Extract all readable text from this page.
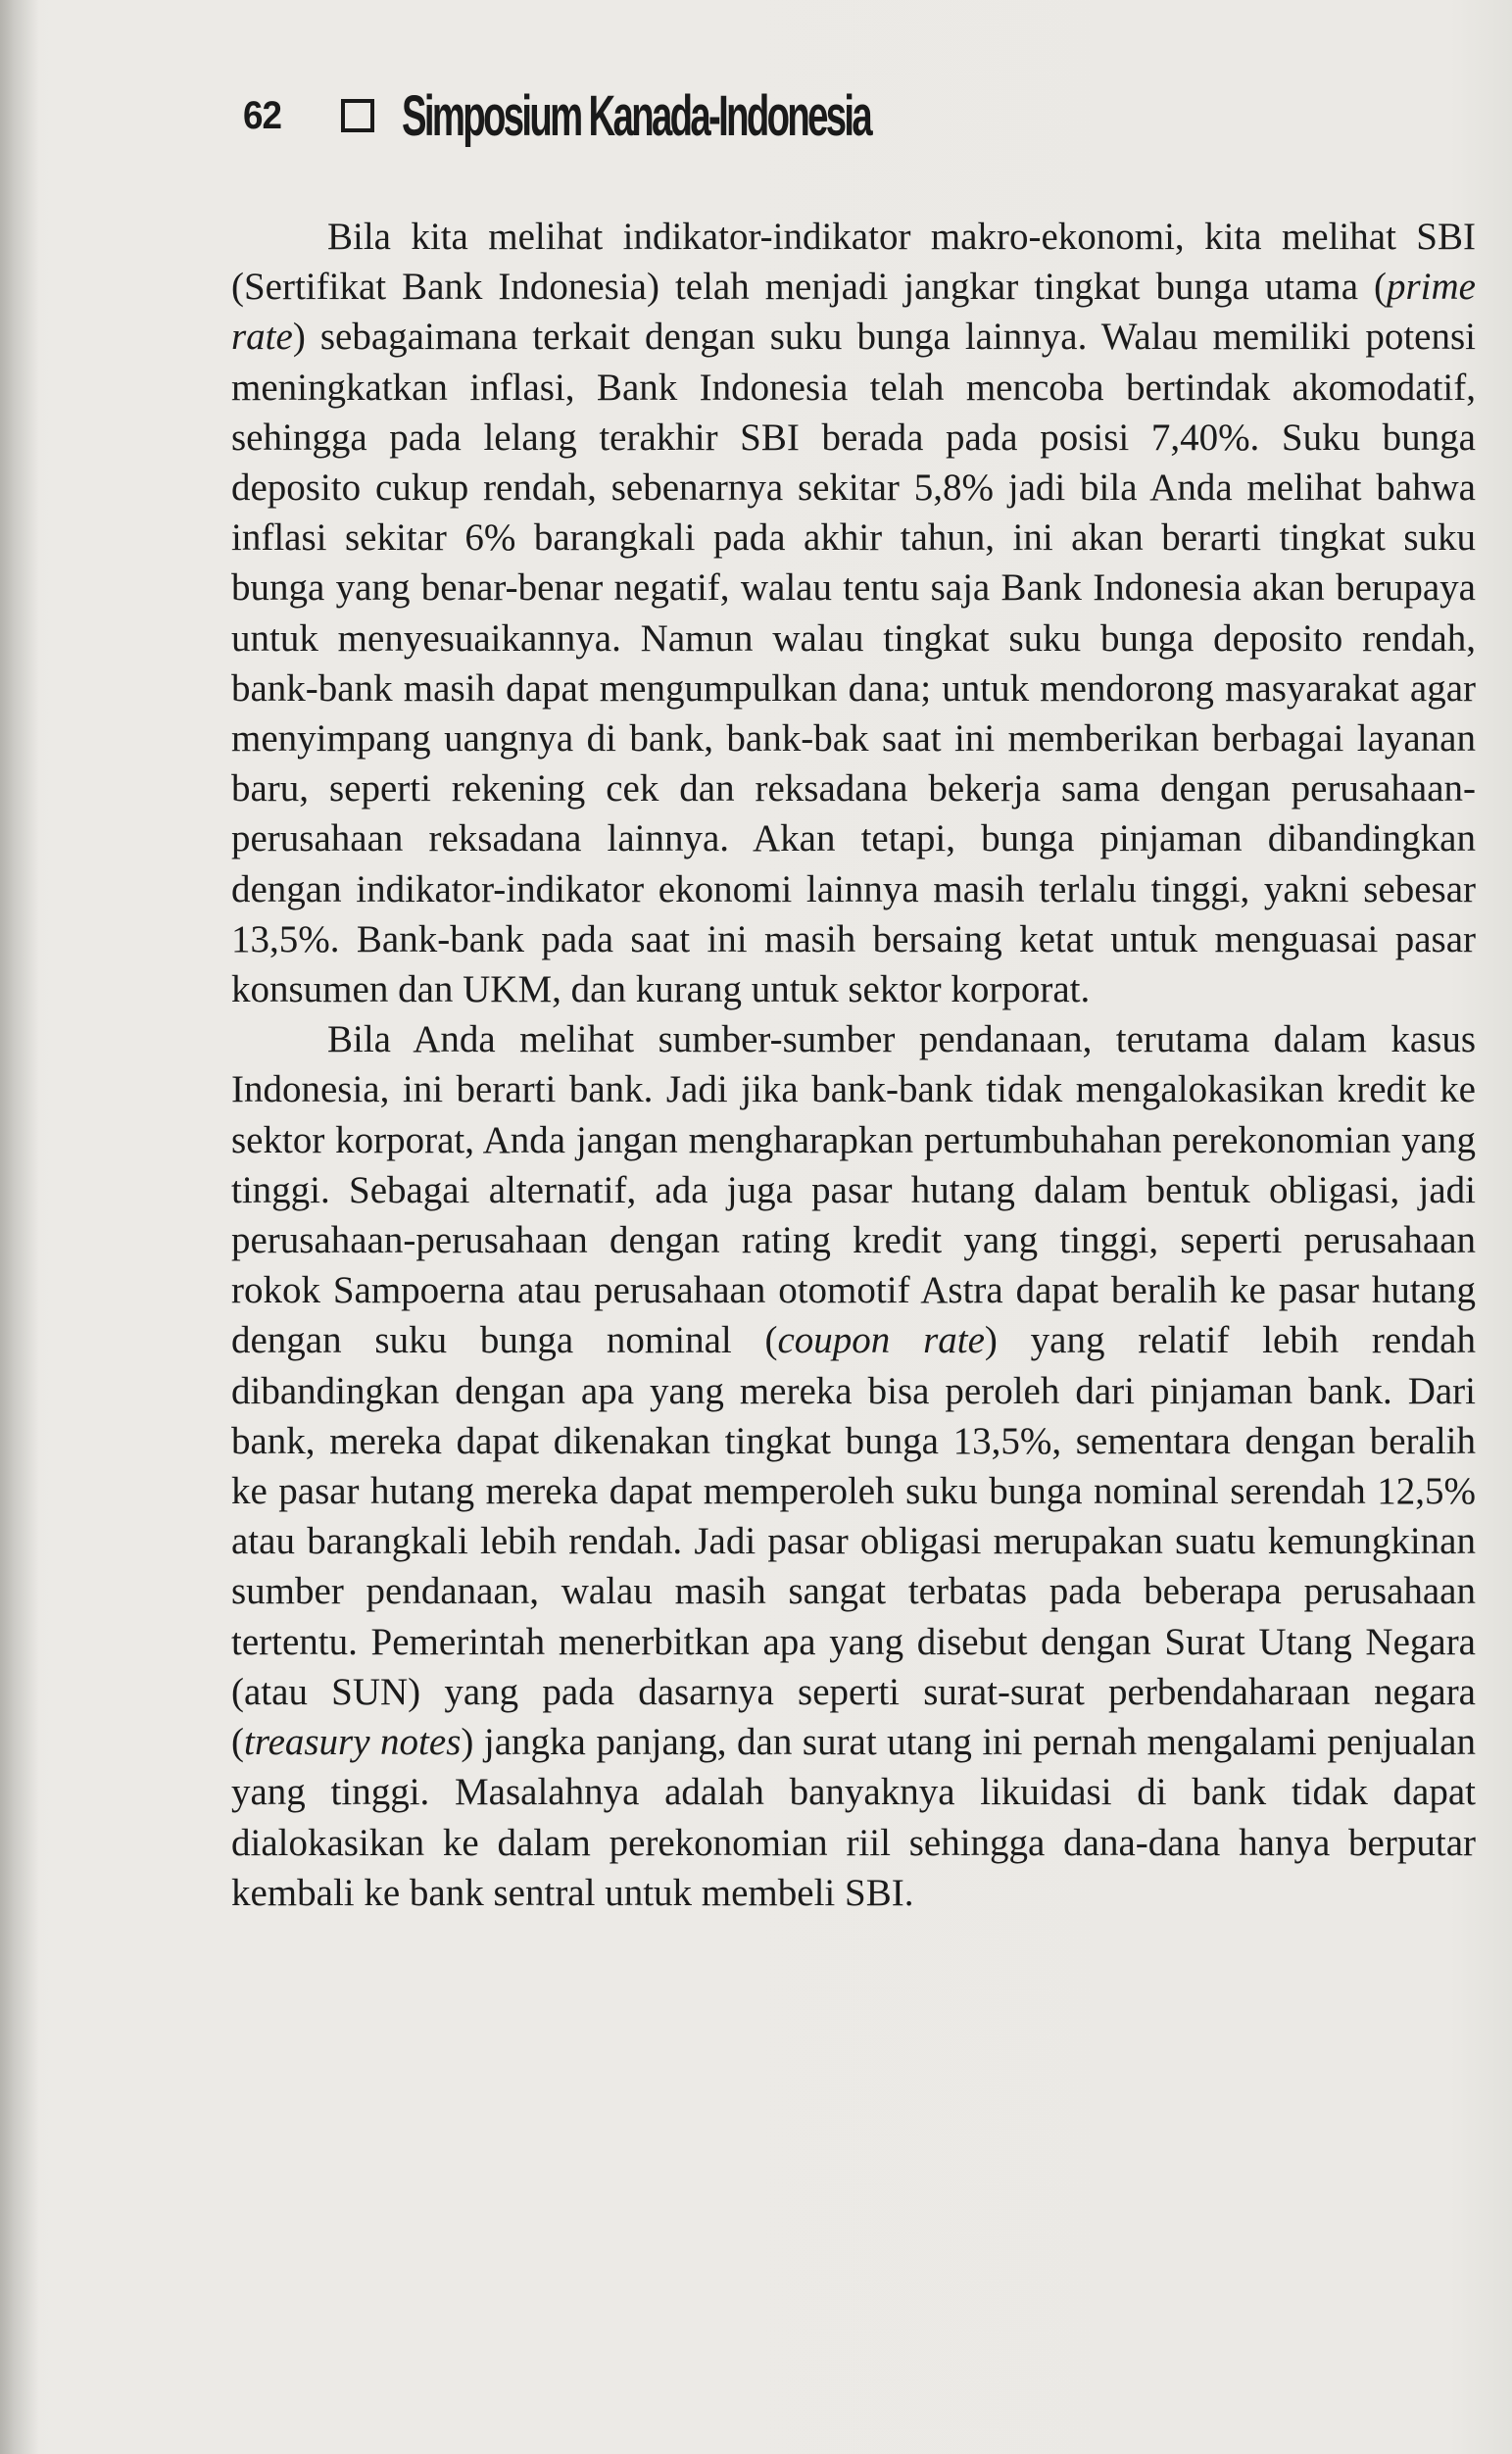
62 Simposium Kanada-Indonesia

Bila kita melihat indikator-indikator makro-ekonomi, kita melihat SBI (Sertifikat Bank Indonesia) telah menjadi jangkar tingkat bunga utama (prime rate) sebagaimana terkait dengan suku bunga lainnya. Walau memiliki potensi meningkatkan inflasi, Bank Indonesia telah mencoba bertindak akomodatif, sehingga pada lelang terakhir SBI berada pada posisi 7,40%. Suku bunga deposito cukup rendah, sebenarnya sekitar 5,8% jadi bila Anda melihat bahwa inflasi sekitar 6% barangkali pada akhir tahun, ini akan berarti tingkat suku bunga yang benar-benar negatif, walau tentu saja Bank Indonesia akan berupaya untuk menyesuaikannya. Namun walau tingkat suku bunga deposito rendah, bank-bank masih dapat mengumpulkan dana; untuk mendorong masyarakat agar menyimpang uangnya di bank, bank-bak saat ini memberikan berbagai layanan baru, seperti rekening cek dan reksadana bekerja sama dengan perusahaan-perusahaan reksadana lainnya. Akan tetapi, bunga pinjaman dibandingkan dengan indikator-indikator ekonomi lainnya masih terlalu tinggi, yakni sebesar 13,5%. Bank-bank pada saat ini masih bersaing ketat untuk menguasai pasar konsumen dan UKM, dan kurang untuk sektor korporat.

Bila Anda melihat sumber-sumber pendanaan, terutama dalam kasus Indonesia, ini berarti bank. Jadi jika bank-bank tidak mengalokasikan kredit ke sektor korporat, Anda jangan mengharapkan pertumbuhahan perekonomian yang tinggi. Sebagai alternatif, ada juga pasar hutang dalam bentuk obligasi, jadi perusahaan-perusahaan dengan rating kredit yang tinggi, seperti perusahaan rokok Sampoerna atau perusahaan otomotif Astra dapat beralih ke pasar hutang dengan suku bunga nominal (coupon rate) yang relatif lebih rendah dibandingkan dengan apa yang mereka bisa peroleh dari pinjaman bank. Dari bank, mereka dapat dikenakan tingkat bunga 13,5%, sementara dengan beralih ke pasar hutang mereka dapat memperoleh suku bunga nominal serendah 12,5% atau barangkali lebih rendah. Jadi pasar obligasi merupakan suatu kemungkinan sumber pendanaan, walau masih sangat terbatas pada beberapa perusahaan tertentu. Pemerintah menerbitkan apa yang disebut dengan Surat Utang Negara (atau SUN) yang pada dasarnya seperti surat-surat perbendaharaan negara (treasury notes) jangka panjang, dan surat utang ini pernah mengalami penjualan yang tinggi. Masalahnya adalah banyaknya likuidasi di bank tidak dapat dialokasikan ke dalam perekonomian riil sehingga dana-dana hanya berputar kembali ke bank sentral untuk membeli SBI.
